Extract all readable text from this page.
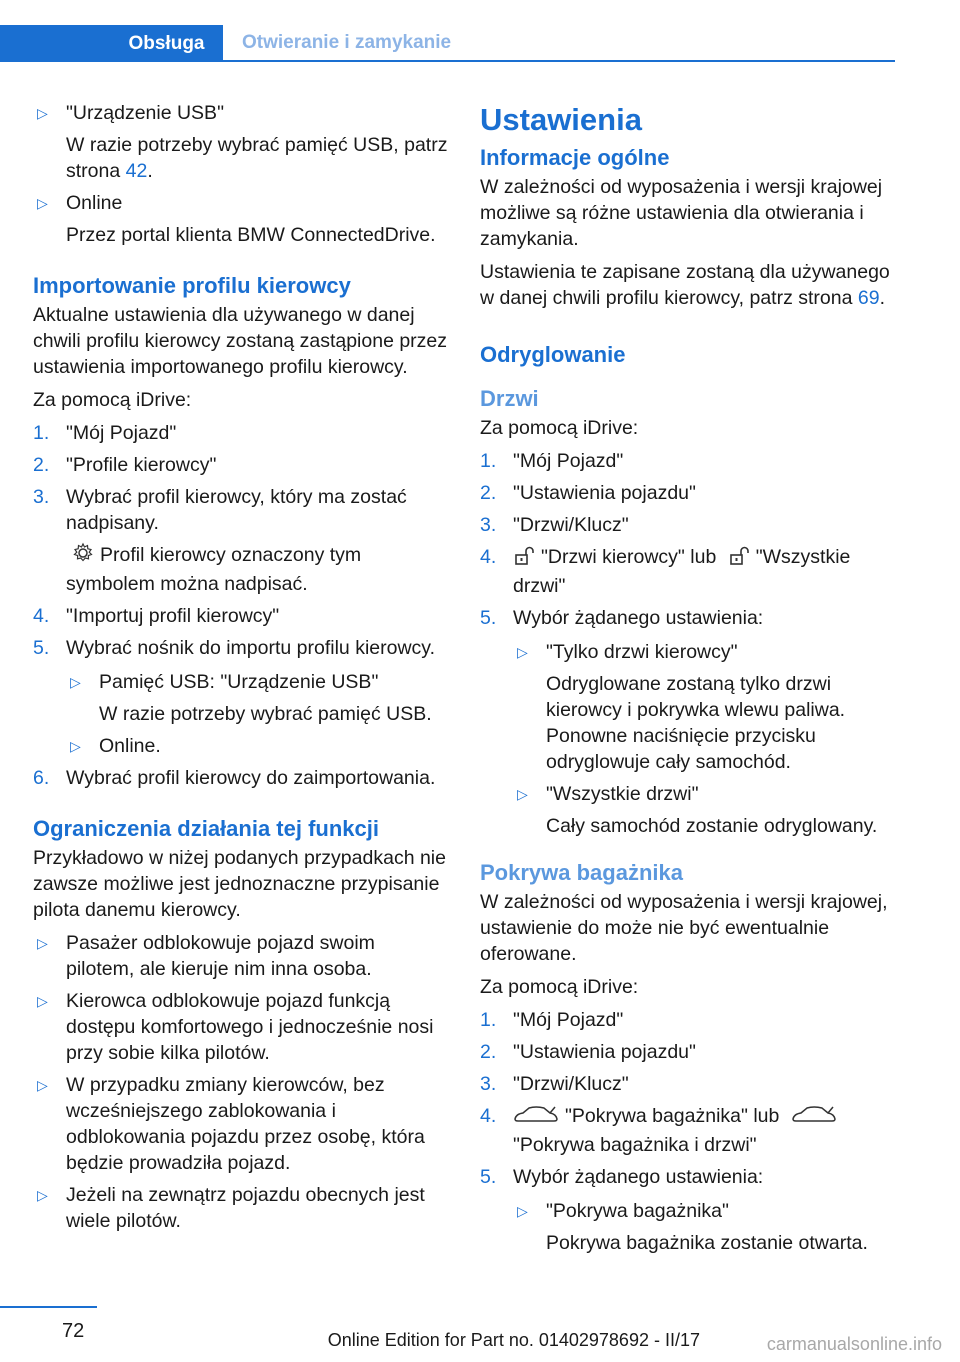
Obsługa	Otwieranie i zamykanie
▷ "Urządzenie USB"
W razie potrzeby wybrać pamięć USB, patrz strona 42.
▷ Online
Przez portal klienta BMW ConnectedDrive.
Importowanie profilu kierowcy

Aktualne ustawienia dla używanego w danej chwili profilu kierowcy zostaną zastąpione przez ustawienia importowanego profilu kierowcy.

Za pomocą iDrive:

1. "Mój Pojazd"
2. "Profile kierowcy"
3. Wybrać profil kierowcy, który ma zostać nadpisany.
Profil kierowcy oznaczony tym symbolem można nadpisać.
4. "Importuj profil kierowcy"
5. Wybrać nośnik do importu profilu kierowcy.
▷ Pamięć USB: "Urządzenie USB"
W razie potrzeby wybrać pamięć USB.
▷ Online.
6. Wybrać profil kierowcy do zaimportowania.
Ograniczenia działania tej funkcji

Przykładowo w niżej podanych przypadkach nie zawsze możliwe jest jednoznaczne przypisanie pilota danemu kierowcy.

▷ Pasażer odblokowuje pojazd swoim pilotem, ale kieruje nim inna osoba.
▷ Kierowca odblokowuje pojazd funkcją dostępu komfortowego i jednocześnie nosi przy sobie kilka pilotów.
▷ W przypadku zmiany kierowców, bez wcześniejszego zablokowania i odblokowania pojazdu przez osobę, która będzie prowadziła pojazd.
▷ Jeżeli na zewnątrz pojazdu obecnych jest wiele pilotów.
Ustawienia
Informacje ogólne

W zależności od wyposażenia i wersji krajowej możliwe są różne ustawienia dla otwierania i zamykania.

Ustawienia te zapisane zostaną dla używanego w danej chwili profilu kierowcy, patrz strona 69.

Odryglowanie
Drzwi

Za pomocą iDrive:

1. "Mój Pojazd"
2. "Ustawienia pojazdu"
3. "Drzwi/Klucz"
4. "Drzwi kierowcy" lub "Wszystkie drzwi"
5. Wybór żądanego ustawienia:
▷ "Tylko drzwi kierowcy"
Odryglowane zostaną tylko drzwi kierowcy i pokrywka wlewu paliwa. Ponowne naciśnięcie przycisku odryglowuje cały samochód.
▷ "Wszystkie drzwi"
Cały samochód zostanie odryglowany.
Pokrywa bagażnika

W zależności od wyposażenia i wersji krajowej, ustawienie do może nie być ewentualnie oferowane.

Za pomocą iDrive:

1. "Mój Pojazd"
2. "Ustawienia pojazdu"
3. "Drzwi/Klucz"
4.	"Pokrywa bagażnika" lub "Pokrywa bagażnika i drzwi"
5. Wybór żądanego ustawienia:
▷ "Pokrywa bagażnika"
Pokrywa bagażnika zostanie otwarta.
72	Online Edition for Part no. 01402978692 - II/17	carmanualsonline.info
